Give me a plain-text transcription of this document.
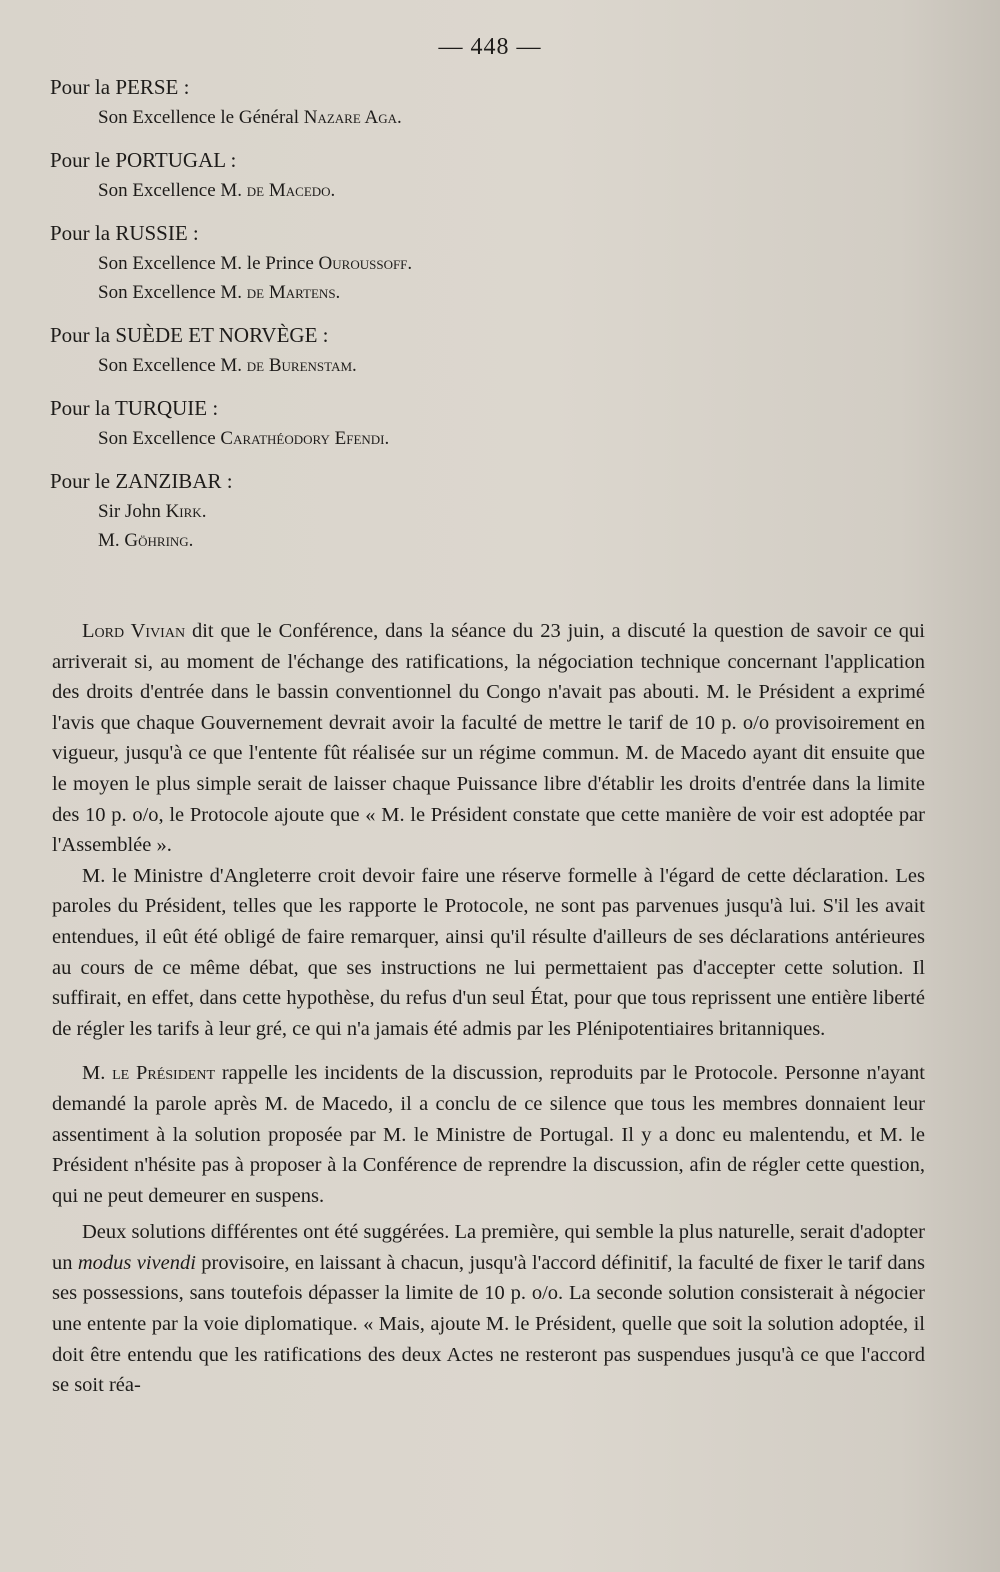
— 448 —
Pour la PERSE :
Son Excellence le Général Nazare Aga.
Pour le PORTUGAL :
Son Excellence M. de Macedo.
Pour la RUSSIE :
Son Excellence M. le Prince Ouroussoff.
Son Excellence M. de Martens.
Pour la SUÈDE ET NORVÈGE :
Son Excellence M. de Burenstam.
Pour la TURQUIE :
Son Excellence Carathéodory Efendi.
Pour le ZANZIBAR :
Sir John Kirk.
M. Göhring.

Lord Vivian dit que le Conférence, dans la séance du 23 juin, a discuté la question de savoir ce qui arriverait si, au moment de l'échange des ratifications, la négociation technique concernant l'application des droits d'entrée dans le bassin conventionnel du Congo n'avait pas abouti. M. le Président a exprimé l'avis que chaque Gouvernement devrait avoir la faculté de mettre le tarif de 10 p. o/o provisoirement en vigueur, jusqu'à ce que l'entente fût réalisée sur un régime commun. M. de Macedo ayant dit ensuite que le moyen le plus simple serait de laisser chaque Puissance libre d'établir les droits d'entrée dans la limite des 10 p. o/o, le Protocole ajoute que « M. le Président constate que cette manière de voir est adoptée par l'Assemblée ».

M. le Ministre d'Angleterre croit devoir faire une réserve formelle à l'égard de cette déclaration. Les paroles du Président, telles que les rapporte le Protocole, ne sont pas parvenues jusqu'à lui. S'il les avait entendues, il eût été obligé de faire remarquer, ainsi qu'il résulte d'ailleurs de ses déclarations antérieures au cours de ce même débat, que ses instructions ne lui permettaient pas d'accepter cette solution. Il suffirait, en effet, dans cette hypothèse, du refus d'un seul État, pour que tous reprissent une entière liberté de régler les tarifs à leur gré, ce qui n'a jamais été admis par les Plénipotentiaires britanniques.

M. le Président rappelle les incidents de la discussion, reproduits par le Protocole. Personne n'ayant demandé la parole après M. de Macedo, il a conclu de ce silence que tous les membres donnaient leur assentiment à la solution proposée par M. le Ministre de Portugal. Il y a donc eu malentendu, et M. le Président n'hésite pas à proposer à la Conférence de reprendre la discussion, afin de régler cette question, qui ne peut demeurer en suspens.

Deux solutions différentes ont été suggérées. La première, qui semble la plus naturelle, serait d'adopter un modus vivendi provisoire, en laissant à chacun, jusqu'à l'accord définitif, la faculté de fixer le tarif dans ses possessions, sans toutefois dépasser la limite de 10 p. o/o. La seconde solution consisterait à négocier une entente par la voie diplomatique. « Mais, ajoute M. le Président, quelle que soit la solution adoptée, il doit être entendu que les ratifications des deux Actes ne resteront pas suspendues jusqu'à ce que l'accord se soit réa-
